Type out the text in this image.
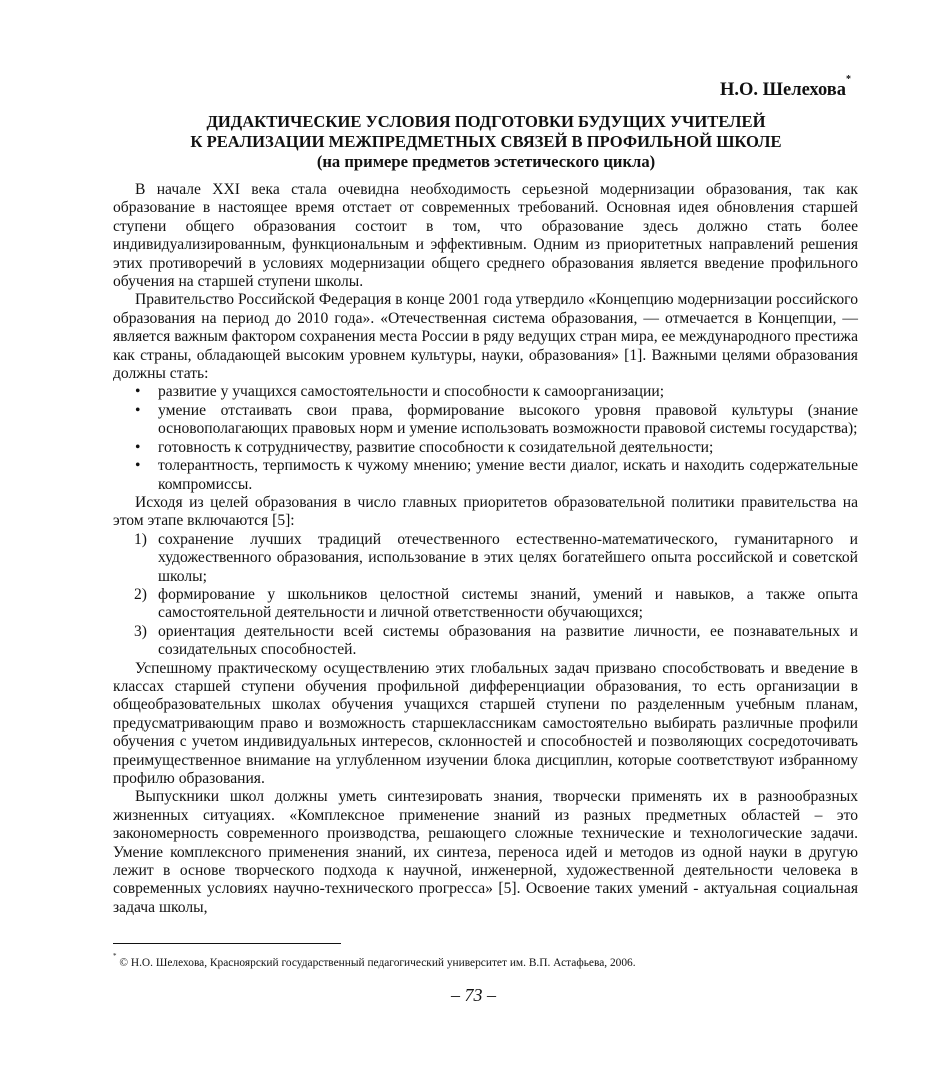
Н.О. Шелехова*
ДИДАКТИЧЕСКИЕ УСЛОВИЯ ПОДГОТОВКИ БУДУЩИХ УЧИТЕЛЕЙ
К РЕАЛИЗАЦИИ МЕЖПРЕДМЕТНЫХ СВЯЗЕЙ В ПРОФИЛЬНОЙ ШКОЛЕ
(на примере предметов эстетического цикла)

В начале XXI века стала очевидна необходимость серьезной модернизации образования, так как образование в настоящее время отстает от современных требований. Основная идея обновления старшей ступени общего образования состоит в том, что образование здесь должно стать более индивидуализированным, функциональным и эффективным. Одним из приоритетных направлений решения этих противоречий в условиях модернизации общего среднего образования является введение профильного обучения на старшей ступени школы.

Правительство Российской Федерация в конце 2001 года утвердило «Концепцию модернизации российского образования на период до 2010 года». «Отечественная система образования, — отмечается в Концепции, — является важным фактором сохранения места России в ряду ведущих стран мира, ее международного престижа как страны, обладающей высоким уровнем культуры, науки, образования» [1]. Важными целями образования должны стать:

• развитие у учащихся самостоятельности и способности к самоорганизации;
• умение отстаивать свои права, формирование высокого уровня правовой культуры (знание основополагающих правовых норм и умение использовать возможности правовой системы государства);
• готовность к сотрудничеству, развитие способности к созидательной деятельности;
• толерантность, терпимость к чужому мнению; умение вести диалог, искать и находить содержательные компромиссы.

Исходя из целей образования в число главных приоритетов образовательной политики правительства на этом этапе включаются [5]:

1) сохранение лучших традиций отечественного естественно-математического, гуманитарного и художественного образования, использование в этих целях богатейшего опыта российской и советской школы;
2) формирование у школьников целостной системы знаний, умений и навыков, а также опыта самостоятельной деятельности и личной ответственности обучающихся;
3) ориентация деятельности всей системы образования на развитие личности, ее познавательных и созидательных способностей.

Успешному практическому осуществлению этих глобальных задач призвано способствовать и введение в классах старшей ступени обучения профильной дифференциации образования, то есть организации в общеобразовательных школах обучения учащихся старшей ступени по разделенным учебным планам, предусматривающим право и возможность старшеклассникам самостоятельно выбирать различные профили обучения с учетом индивидуальных интересов, склонностей и способностей и позволяющих сосредоточивать преимущественное внимание на углубленном изучении блока дисциплин, которые соответствуют избранному профилю образования.

Выпускники школ должны уметь синтезировать знания, творчески применять их в разнообразных жизненных ситуациях. «Комплексное применение знаний из разных предметных областей – это закономерность современного производства, решающего сложные технические и технологические задачи. Умение комплексного применения знаний, их синтеза, переноса идей и методов из одной науки в другую лежит в основе творческого подхода к научной, инженерной, художественной деятельности человека в современных условиях научно-технического прогресса» [5]. Освоение таких умений - актуальная социальная задача школы,

* © Н.О. Шелехова, Красноярский государственный педагогический университет им. В.П. Астафьева, 2006.
– 73 –
